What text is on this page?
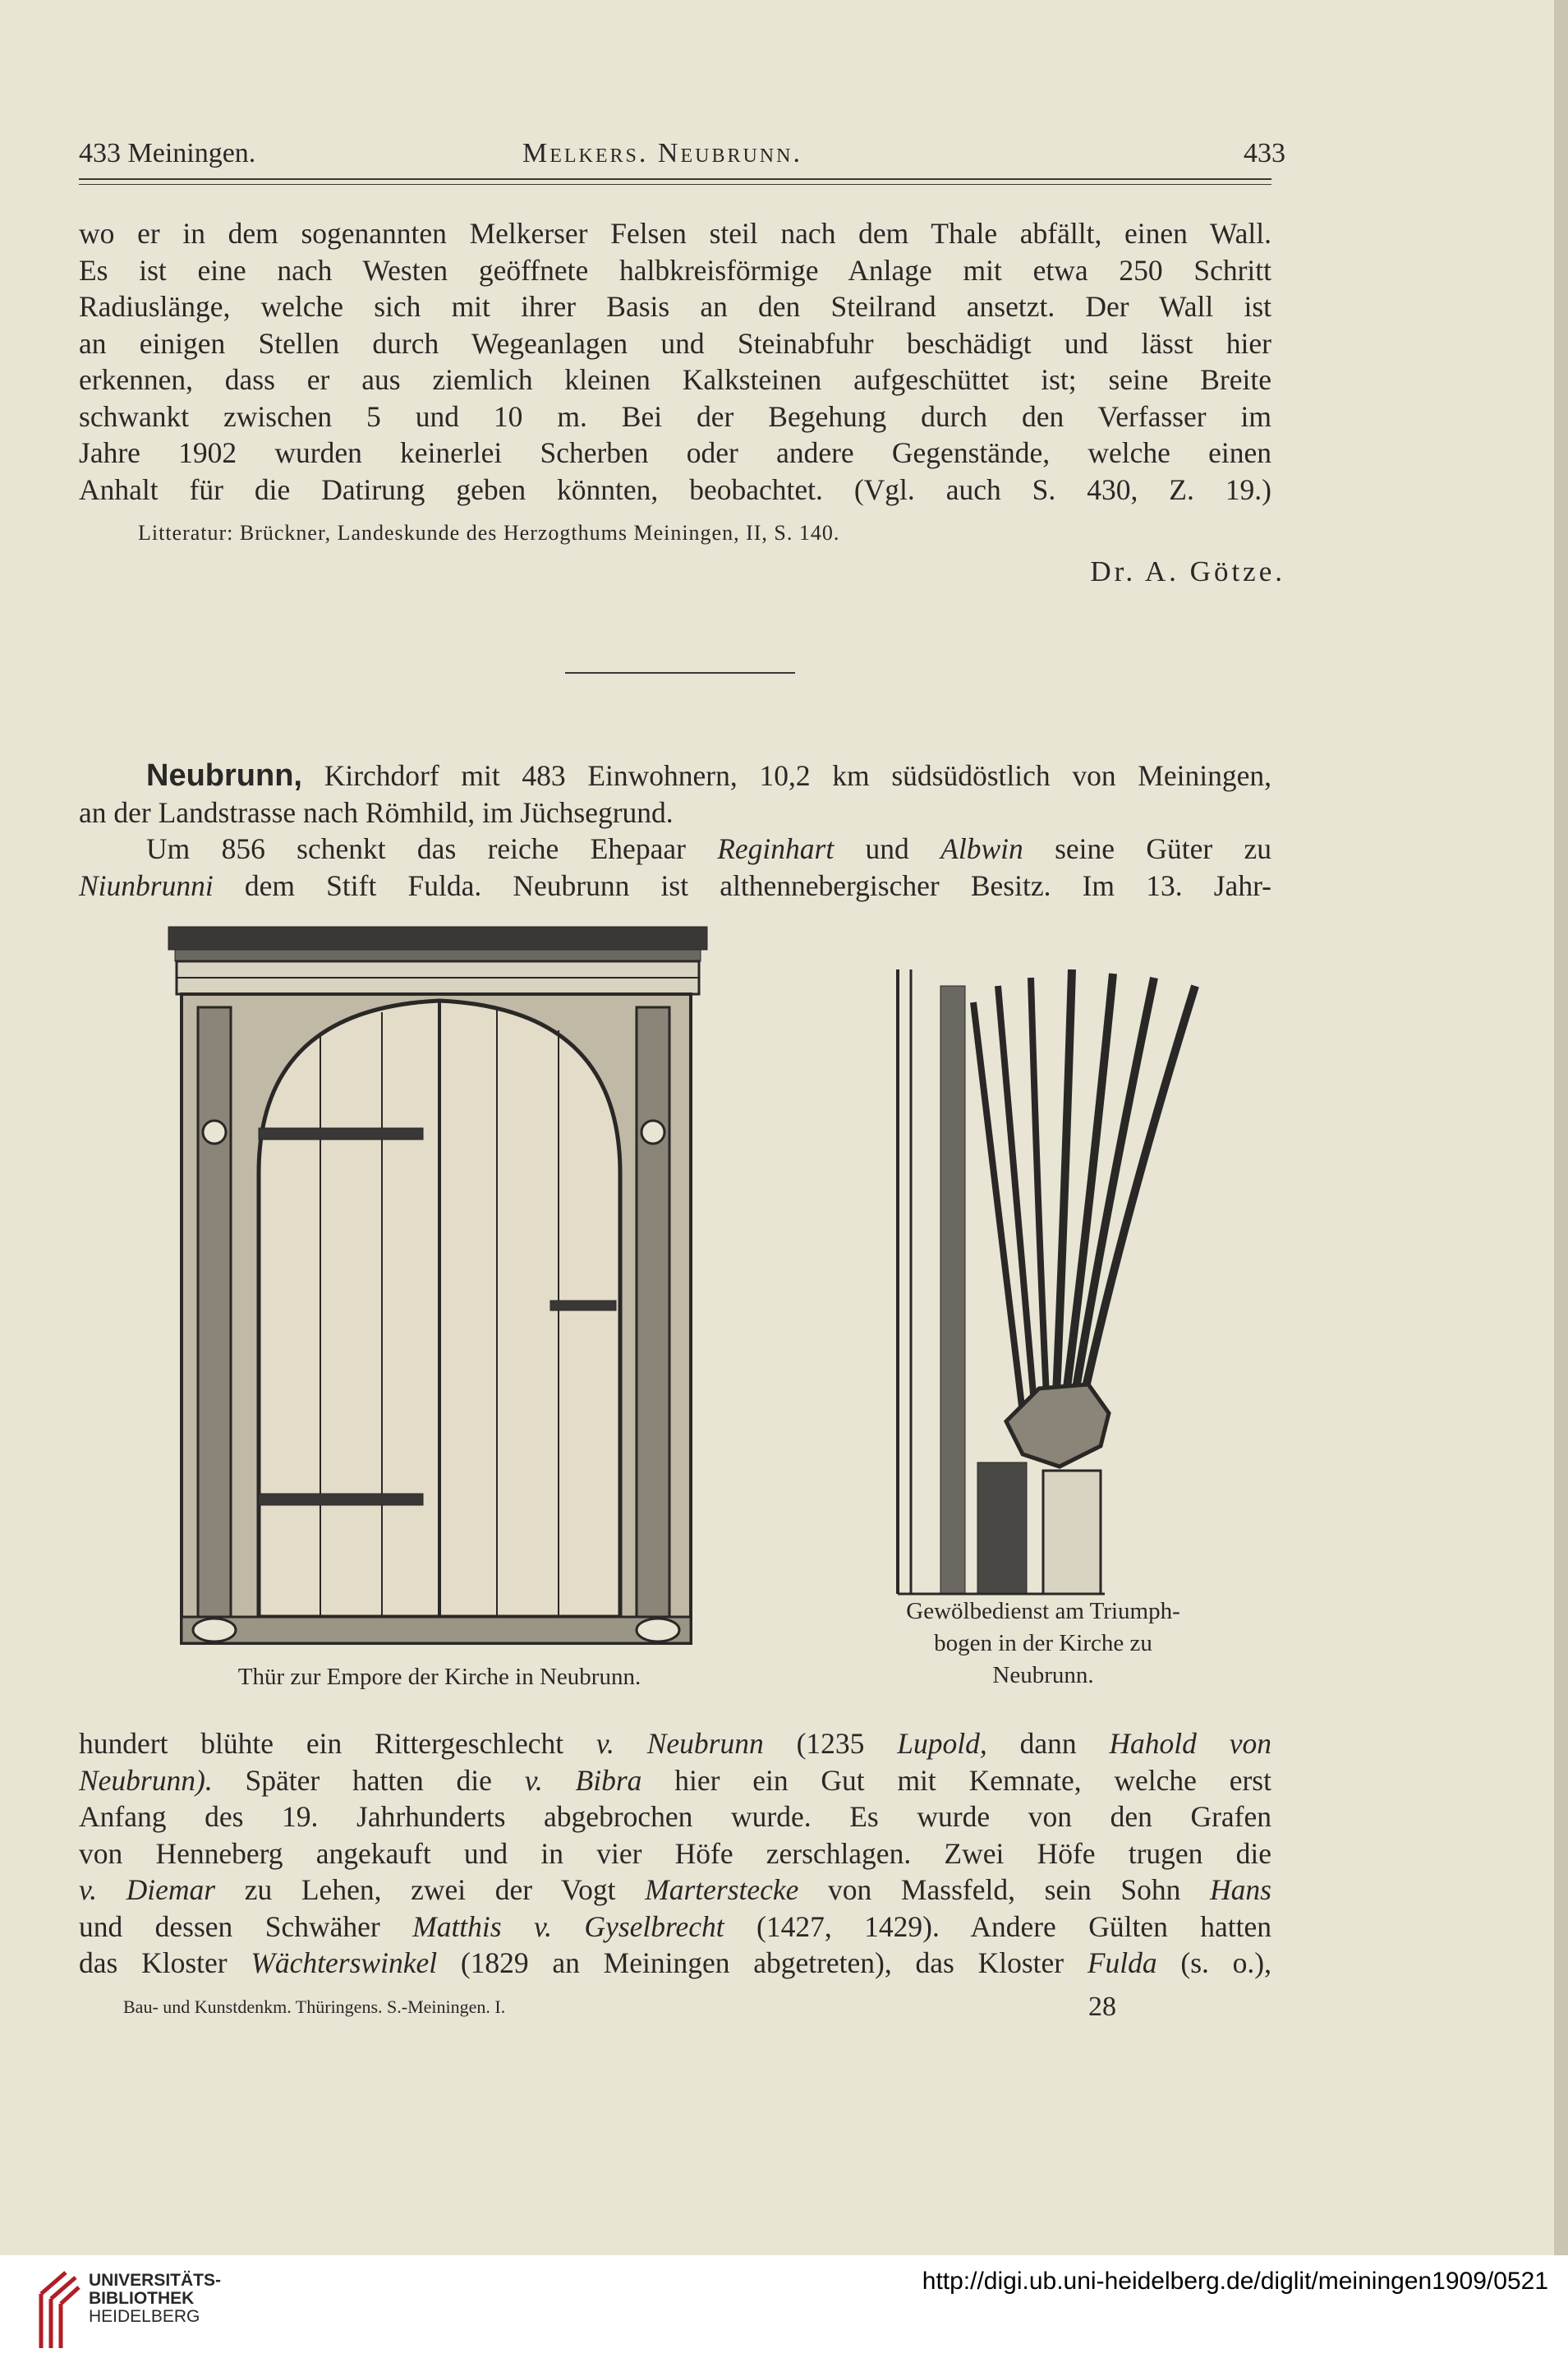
433 Meiningen.	Melkers. Neubrunn.	433
wo er in dem sogenannten Melkerser Felsen steil nach dem Thale abfällt, einen Wall.
Es ist eine nach Westen geöffnete halbkreisförmige Anlage mit etwa 250 Schritt
Radiuslänge, welche sich mit ihrer Basis an den Steilrand ansetzt. Der Wall ist
an einigen Stellen durch Wegeanlagen und Steinabfuhr beschädigt und lässt hier
erkennen, dass er aus ziemlich kleinen Kalksteinen aufgeschüttet ist; seine Breite
schwankt zwischen 5 und 10 m. Bei der Begehung durch den Verfasser im
Jahre 1902 wurden keinerlei Scherben oder andere Gegenstände, welche einen
Anhalt für die Datirung geben könnten, beobachtet. (Vgl. auch S. 430, Z. 19.)
Litteratur: Brückner, Landeskunde des Herzogthums Meiningen, II, S. 140.
Dr. A. Götze.
Neubrunn, Kirchdorf mit 483 Einwohnern, 10,2 km südsüdöstlich von Meiningen,
an der Landstrasse nach Römhild, im Jüchsegrund.
Um 856 schenkt das reiche Ehepaar Reginhart und Albwin seine Güter zu
Niunbrunni dem Stift Fulda. Neubrunn ist althennebergischer Besitz. Im 13. Jahr-
Thür zur Empore der Kirche in Neubrunn.
Gewölbedienst am Triumph-
bogen in der Kirche zu
Neubrunn.
hundert blühte ein Rittergeschlecht v. Neubrunn (1235 Lupold, dann Hahold von
Neubrunn). Später hatten die v. Bibra hier ein Gut mit Kemnate, welche erst
Anfang des 19. Jahrhunderts abgebrochen wurde. Es wurde von den Grafen
von Henneberg angekauft und in vier Höfe zerschlagen. Zwei Höfe trugen die
v. Diemar zu Lehen, zwei der Vogt Marterstecke von Massfeld, sein Sohn Hans
und dessen Schwäher Matthis v. Gyselbrecht (1427, 1429). Andere Gülten hatten
das Kloster Wächterswinkel (1829 an Meiningen abgetreten), das Kloster Fulda (s. o.),
Bau- und Kunstdenkm. Thüringens. S.-Meiningen. I.	28
UNIVERSITÄTS-
BIBLIOTHEK
HEIDELBERG
http://digi.ub.uni-heidelberg.de/diglit/meiningen1909/0521
